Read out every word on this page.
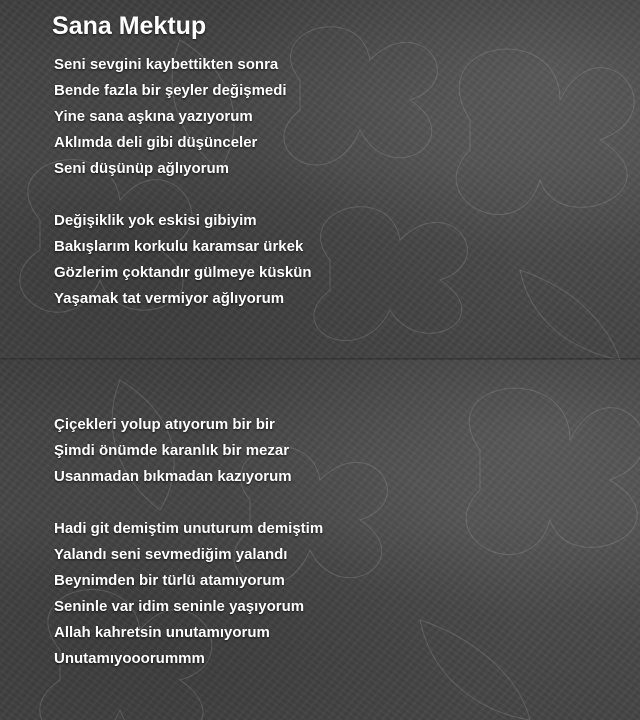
Sana Mektup
Seni sevgini kaybettikten sonra
Bende fazla bir şeyler değişmedi
Yine sana aşkına yazıyorum
Aklımda deli gibi düşünceler
Seni düşünüp ağlıyorum
Değişiklik yok eskisi gibiyim
Bakışlarım korkulu karamsar ürkek
Gözlerim çoktandır gülmeye küskün
Yaşamak tat vermiyor ağlıyorum
Çiçekleri yolup atıyorum bir bir
Şimdi önümde karanlık bir mezar
Usanmadan bıkmadan kazıyorum
Hadi git demiştim unuturum demiştim
Yalandı seni sevmediğim yalandı
Beynimden bir türlü atamıyorum
Seninle var idim seninle yaşıyorum
Allah kahretsin unutamıyorum
Unutamıyooorummm
